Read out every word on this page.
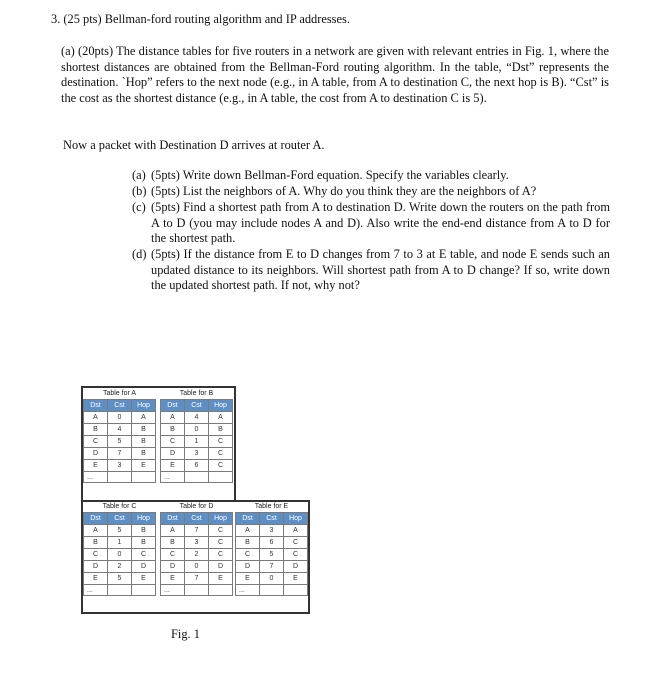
3. (25 pts) Bellman-ford routing algorithm and IP addresses.

(a) (20pts) The distance tables for five routers in a network are given with relevant entries in Fig. 1, where the shortest distances are obtained from the Bellman-Ford routing algorithm. In the table, “Dst” represents the destination. `Hop” refers to the next node (e.g., in A table, from A to destination C, the next hop is B). “Cst” is the cost as the shortest distance (e.g., in A table, the cost from A to destination C is 5).

Now a packet with Destination D arrives at router A.

(a) (5pts) Write down Bellman-Ford equation. Specify the variables clearly.
(b) (5pts) List the neighbors of A. Why do you think they are the neighbors of A?
(c) (5pts) Find a shortest path from A to destination D. Write down the routers on the path from A to D (you may include nodes A and D). Also write the end-end distance from A to D for the shortest path.
(d) (5pts) If the distance from E to D changes from 7 to 3 at E table, and node E sends such an updated distance to its neighbors. Will shortest path from A to D change? If so, write down the updated shortest path. If not, why not?
Table for A
Dst	Cst	Hop
A	0	A
B	4	B
C	5	B
D	7	B
E	3	E
...		
Table for B
Dst	Cst	Hop
A	4	A
B	0	B
C	1	C
D	3	C
E	6	C
...		
Table for C
Dst	Cst	Hop
A	5	B
B	1	B
C	0	C
D	2	D
E	5	E
...		
Table for D
Dst	Cst	Hop
A	7	C
B	3	C
C	2	C
D	0	D
E	7	E
...		
Table for E
Dst	Cst	Hop
A	3	A
B	6	C
C	5	C
D	7	D
E	0	E
...		

Fig. 1
